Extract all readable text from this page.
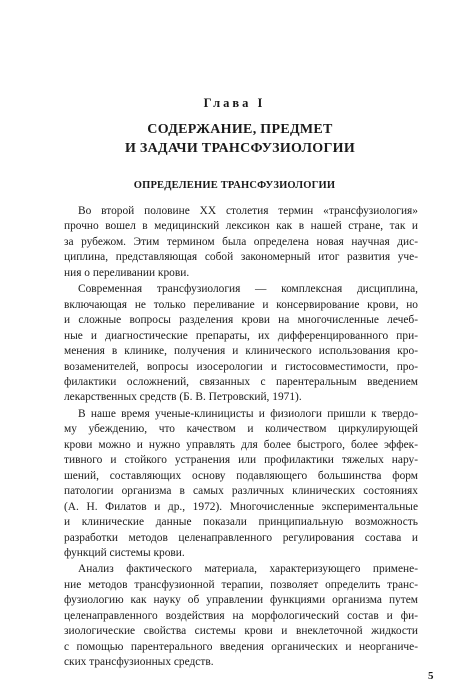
Глава I
СОДЕРЖАНИЕ, ПРЕДМЕТ
И ЗАДАЧИ ТРАНСФУЗИОЛОГИИ
ОПРЕДЕЛЕНИЕ ТРАНСФУЗИОЛОГИИ
Во второй половине XX столетия термин «трансфузиология»
прочно вошел в медицинский лексикон как в нашей стране, так и
за рубежом. Этим термином была определена новая научная дис-
циплина, представляющая собой закономерный итог развития уче-
ния о переливании крови.
Современная трансфузиология — комплексная дисциплина,
включающая не только переливание и консервирование крови, но
и сложные вопросы разделения крови на многочисленные лечеб-
ные и диагностические препараты, их дифференцированного при-
менения в клинике, получения и клинического использования кро-
возаменителей, вопросы изосерологии и гистосовместимости, про-
филактики осложнений, связанных с парентеральным введением
лекарственных средств (Б. В. Петровский, 1971).
В наше время ученые-клиницисты и физиологи пришли к твердо-
му убеждению, что качеством и количеством циркулирующей
крови можно и нужно управлять для более быстрого, более эффек-
тивного и стойкого устранения или профилактики тяжелых нару-
шений, составляющих основу подавляющего большинства форм
патологии организма в самых различных клинических состояниях
(А. Н. Филатов и др., 1972). Многочисленные экспериментальные
и клинические данные показали принципиальную возможность
разработки методов целенаправленного регулирования состава и
функций системы крови.
Анализ фактического материала, характеризующего примене-
ние методов трансфузионной терапии, позволяет определить транс-
фузиологию как науку об управлении функциями организма путем
целенаправленного воздействия на морфологический состав и фи-
зиологические свойства системы крови и внеклеточной жидкости
с помощью парентерального введения органических и неорганиче-
ских трансфузионных средств.
5
